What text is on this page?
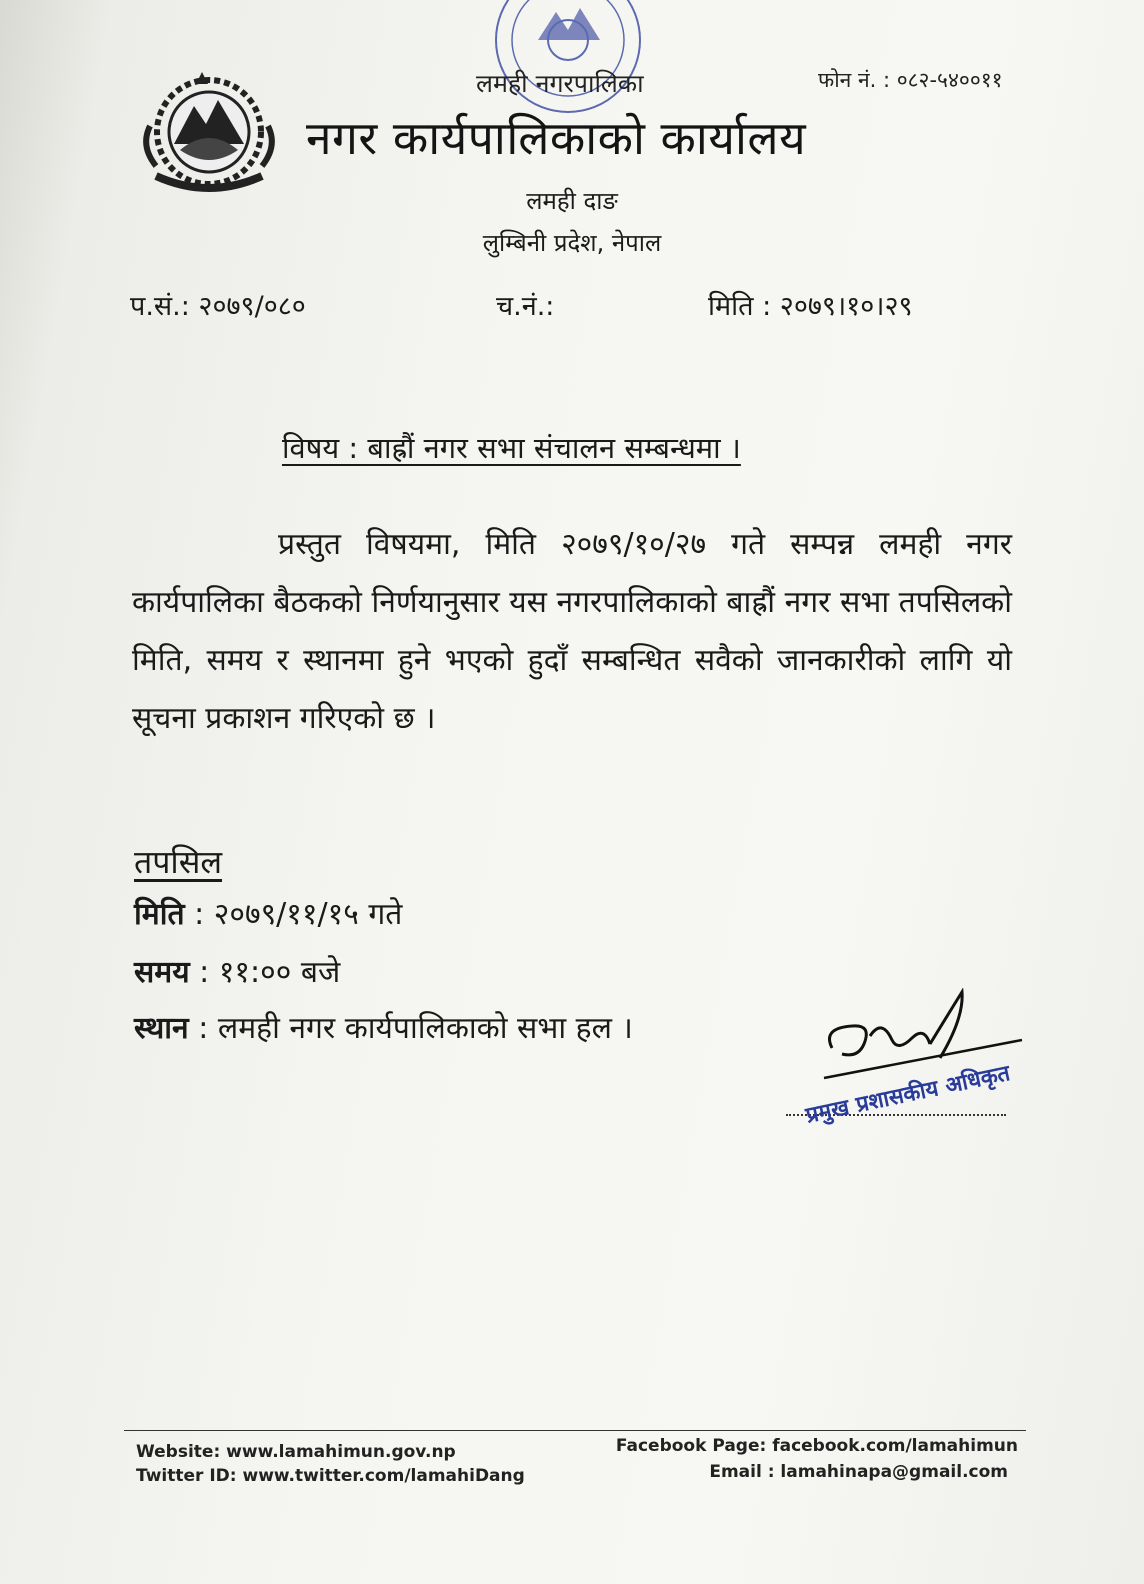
लमही नगरपालिका	फोन नं. : ०८२-५४००११
नगर कार्यपालिकाको कार्यालय
लमही दाङ
लुम्बिनी प्रदेश, नेपाल
प.सं.: २०७९/०८०	च.नं.:	मिति : २०७९।१०।२९
विषय : बाह्रौं नगर सभा संचालन सम्बन्धमा ।
प्रस्तुत विषयमा, मिति २०७९/१०/२७ गते सम्पन्न लमही नगर कार्यपालिका बैठकको निर्णयानुसार यस नगरपालिकाको बाह्रौं नगर सभा तपसिलको मिति, समय र स्थानमा हुने भएको हुदाँ सम्बन्धित सवैको जानकारीको लागि यो सूचना प्रकाशन गरिएको छ ।
तपसिल
मिति : २०७९/११/१५ गते
समय : ११:०० बजे
स्थान : लमही नगर कार्यपालिकाको सभा हल ।
प्रमुख प्रशासकीय अधिकृत
Website: www.lamahimun.gov.np
Twitter ID: www.twitter.com/lamahiDang
Facebook Page: facebook.com/lamahimun
Email : lamahinapa@gmail.com
